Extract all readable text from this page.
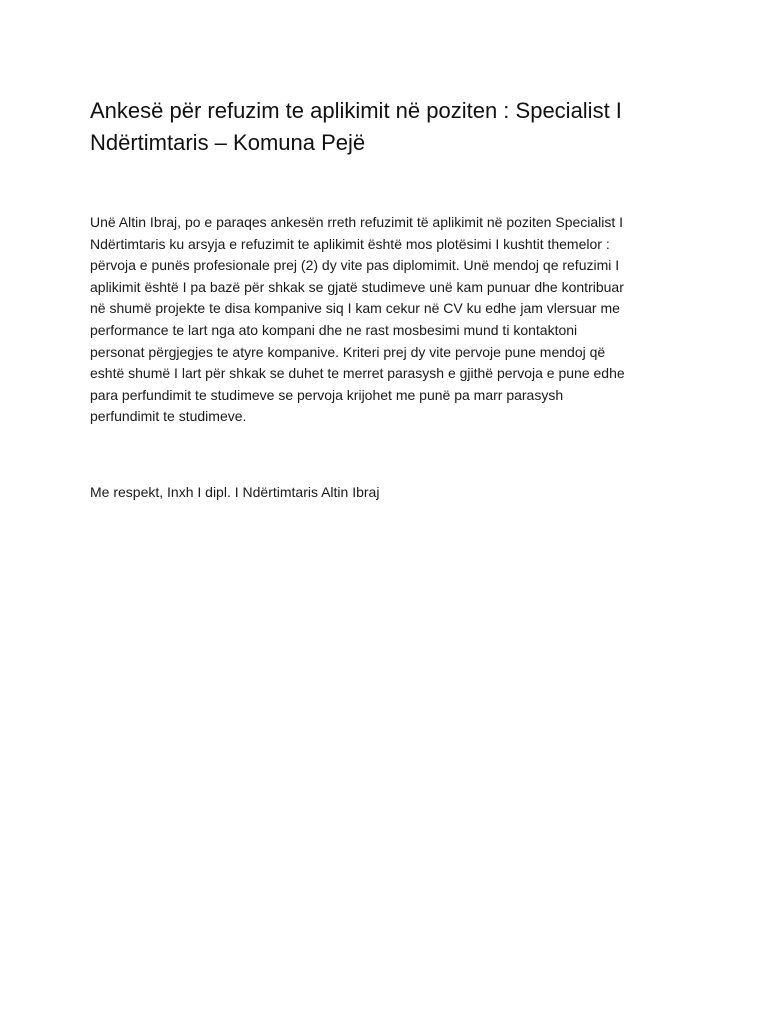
Ankesë për refuzim te aplikimit në poziten : Specialist I
Ndërtimtaris – Komuna Pejë

Unë Altin Ibraj, po e paraqes ankesën rreth refuzimit të aplikimit në poziten Specialist I
Ndërtimtaris ku arsyja e refuzimit te aplikimit është mos plotësimi I kushtit themelor :
përvoja e punës profesionale prej (2) dy vite pas diplomimit. Unë mendoj qe refuzimi I
aplikimit është I pa bazë për shkak se gjatë studimeve unë kam punuar dhe kontribuar
në shumë projekte te disa kompanive siq I kam cekur në CV ku edhe jam vlersuar me
performance te lart nga ato kompani dhe ne rast mosbesimi mund ti kontaktoni
personat përgjegjes te atyre kompanive. Kriteri prej dy vite pervoje pune mendoj që
eshtë shumë I lart për shkak se duhet te merret parasysh e gjithë pervoja e pune edhe
para perfundimit te studimeve se pervoja krijohet me punë pa marr parasysh
perfundimit te studimeve.

Me respekt, Inxh I dipl. I Ndërtimtaris Altin Ibraj
